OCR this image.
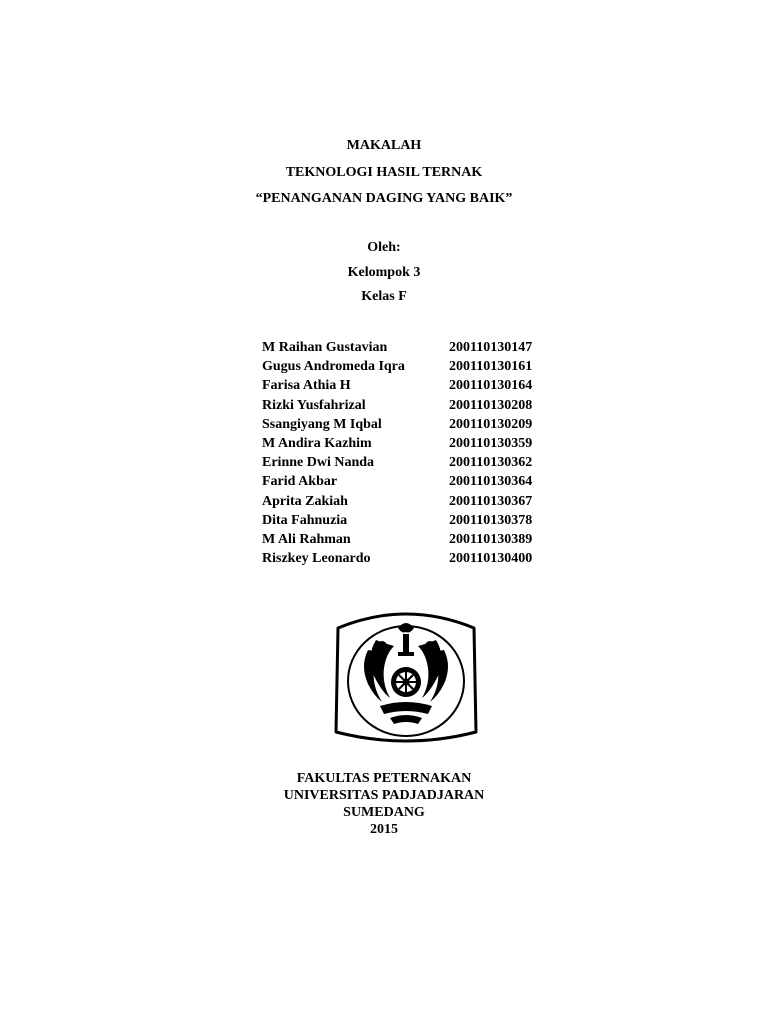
MAKALAH
TEKNOLOGI HASIL TERNAK
“PENANGANAN DAGING YANG BAIK”
Oleh:
Kelompok 3
Kelas F
M Raihan Gustavian	200110130147
Gugus Andromeda Iqra	200110130161
Farisa Athia H	200110130164
Rizki Yusfahrizal	200110130208
Ssangiyang M Iqbal	200110130209
M Andira Kazhim	200110130359
Erinne Dwi Nanda	200110130362
Farid Akbar	200110130364
Aprita Zakiah	200110130367
Dita Fahnuzia	200110130378
M Ali Rahman	200110130389
Riszkey Leonardo	200110130400
FAKULTAS PETERNAKAN
UNIVERSITAS PADJADJARAN
SUMEDANG
2015
